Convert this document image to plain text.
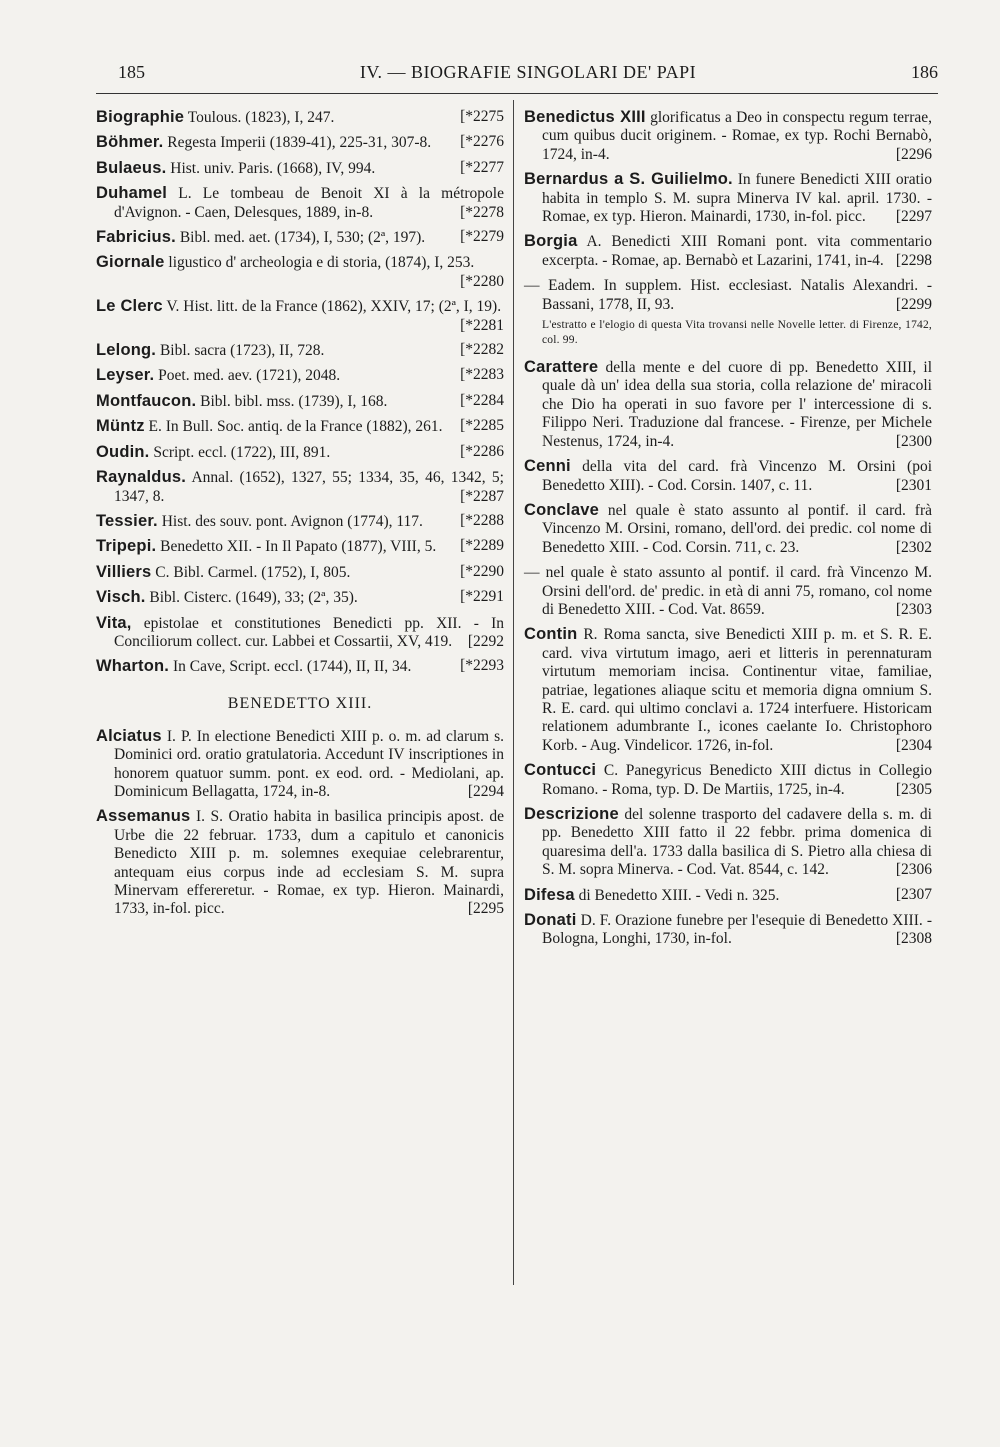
185	IV. — BIOGRAFIE SINGOLARI DE' PAPI	186
Biographie Toulous. (1823), I, 247.	[*2275
Böhmer. Regesta Imperii (1839-41), 225-31, 307-8.	[*2276
Bulaeus. Hist. univ. Paris. (1668), IV, 994.	[*2277
Duhamel L. Le tombeau de Benoit XI à la métropole d'Avignon. - Caen, Delesques, 1889, in-8.	[*2278
Fabricius. Bibl. med. aet. (1734), I, 530; (2ª, 197).	[*2279
Giornale ligustico d' archeologia e di storia, (1874), I, 253.
[*2280
Le Clerc V. Hist. litt. de la France (1862), XXIV, 17; (2ª, I, 19).
[*2281
Lelong. Bibl. sacra (1723), II, 728.	[*2282
Leyser. Poet. med. aev. (1721), 2048.	[*2283
Montfaucon. Bibl. bibl. mss. (1739), I, 168.	[*2284
Müntz E. In Bull. Soc. antiq. de la France (1882), 261.	[*2285
Oudin. Script. eccl. (1722), III, 891.	[*2286
Raynaldus. Annal. (1652), 1327, 55; 1334, 35, 46, 1342, 5; 1347, 8.	[*2287
Tessier. Hist. des souv. pont. Avignon (1774), 117.	[*2288
Tripepi. Benedetto XII. - In Il Papato (1877), VIII, 5.	[*2289
Villiers C. Bibl. Carmel. (1752), I, 805.	[*2290
Visch. Bibl. Cisterc. (1649), 33; (2ª, 35).	[*2291
Vita, epistolae et constitutiones Benedicti pp. XII. - In Conciliorum collect. cur. Labbei et Cossartii, XV, 419.	[2292
Wharton. In Cave, Script. eccl. (1744), II, II, 34.	[*2293
BENEDETTO XIII.
Alciatus I. P. In electione Benedicti XIII p. o. m. ad clarum s. Dominici ord. oratio gratulatoria. Accedunt IV inscriptiones in honorem quatuor summ. pont. ex eod. ord. - Mediolani, ap. Dominicum Bellagatta, 1724, in-8.	[2294
Assemanus I. S. Oratio habita in basilica principis apost. de Urbe die 22 februar. 1733, dum a capitulo et canonicis Benedicto XIII p. m. solemnes exequiae celebrarentur, antequam eius corpus inde ad ecclesiam S. M. supra Minervam effereretur. - Romae, ex typ. Hieron. Mainardi, 1733, in-fol. picc.	[2295
Benedictus XIII glorificatus a Deo in conspectu regum terrae, cum quibus ducit originem. - Romae, ex typ. Rochi Bernabò, 1724, in-4.	[2296
Bernardus a S. Guilielmo. In funere Benedicti XIII oratio habita in templo S. M. supra Minerva IV kal. april. 1730. - Romae, ex typ. Hieron. Mainardi, 1730, in-fol. picc.	[2297
Borgia A. Benedicti XIII Romani pont. vita commentario excerpta. - Romae, ap. Bernabò et Lazarini, 1741, in-4. [2298
— Eadem. In supplem. Hist. ecclesiast. Natalis Alexandri. - Bassani, 1778, II, 93.	[2299
L'estratto e l'elogio di questa Vita trovansi nelle Novelle letter. di Firenze, 1742, col. 99.
Carattere della mente e del cuore di pp. Benedetto XIII, il quale dà un' idea della sua storia, colla relazione de' miracoli che Dio ha operati in suo favore per l' intercessione di s. Filippo Neri. Traduzione dal francese. - Firenze, per Michele Nestenus, 1724, in-4.	[2300
Cenni della vita del card. frà Vincenzo M. Orsini (poi Benedetto XIII). - Cod. Corsin. 1407, c. 11.	[2301
Conclave nel quale è stato assunto al pontif. il card. frà Vincenzo M. Orsini, romano, dell'ord. dei predic. col nome di Benedetto XIII. - Cod. Corsin. 711, c. 23.	[2302
— nel quale è stato assunto al pontif. il card. frà Vincenzo M. Orsini dell'ord. de' predic. in età di anni 75, romano, col nome di Benedetto XIII. - Cod. Vat. 8659.	[2303
Contin R. Roma sancta, sive Benedicti XIII p. m. et S. R. E. card. viva virtutum imago, aeri et litteris in perennaturam virtutum memoriam incisa. Continentur vitae, familiae, patriae, legationes aliaque scitu et memoria digna omnium S. R. E. card. qui ultimo conclavi a. 1724 interfuere. Historicam relationem adumbrante I., icones caelante Io. Christophoro Korb. - Aug. Vindelicor. 1726, in-fol.	[2304
Contucci C. Panegyricus Benedicto XIII dictus in Collegio Romano. - Roma, typ. D. De Martiis, 1725, in-4.	[2305
Descrizione del solenne trasporto del cadavere della s. m. di pp. Benedetto XIII fatto il 22 febbr. prima domenica di quaresima dell'a. 1733 dalla basilica di S. Pietro alla chiesa di S. M. sopra Minerva. - Cod. Vat. 8544, c. 142.	[2306
Difesa di Benedetto XIII. - Vedi n. 325.	[2307
Donati D. F. Orazione funebre per l'esequie di Benedetto XIII. - Bologna, Longhi, 1730, in-fol.	[2308
